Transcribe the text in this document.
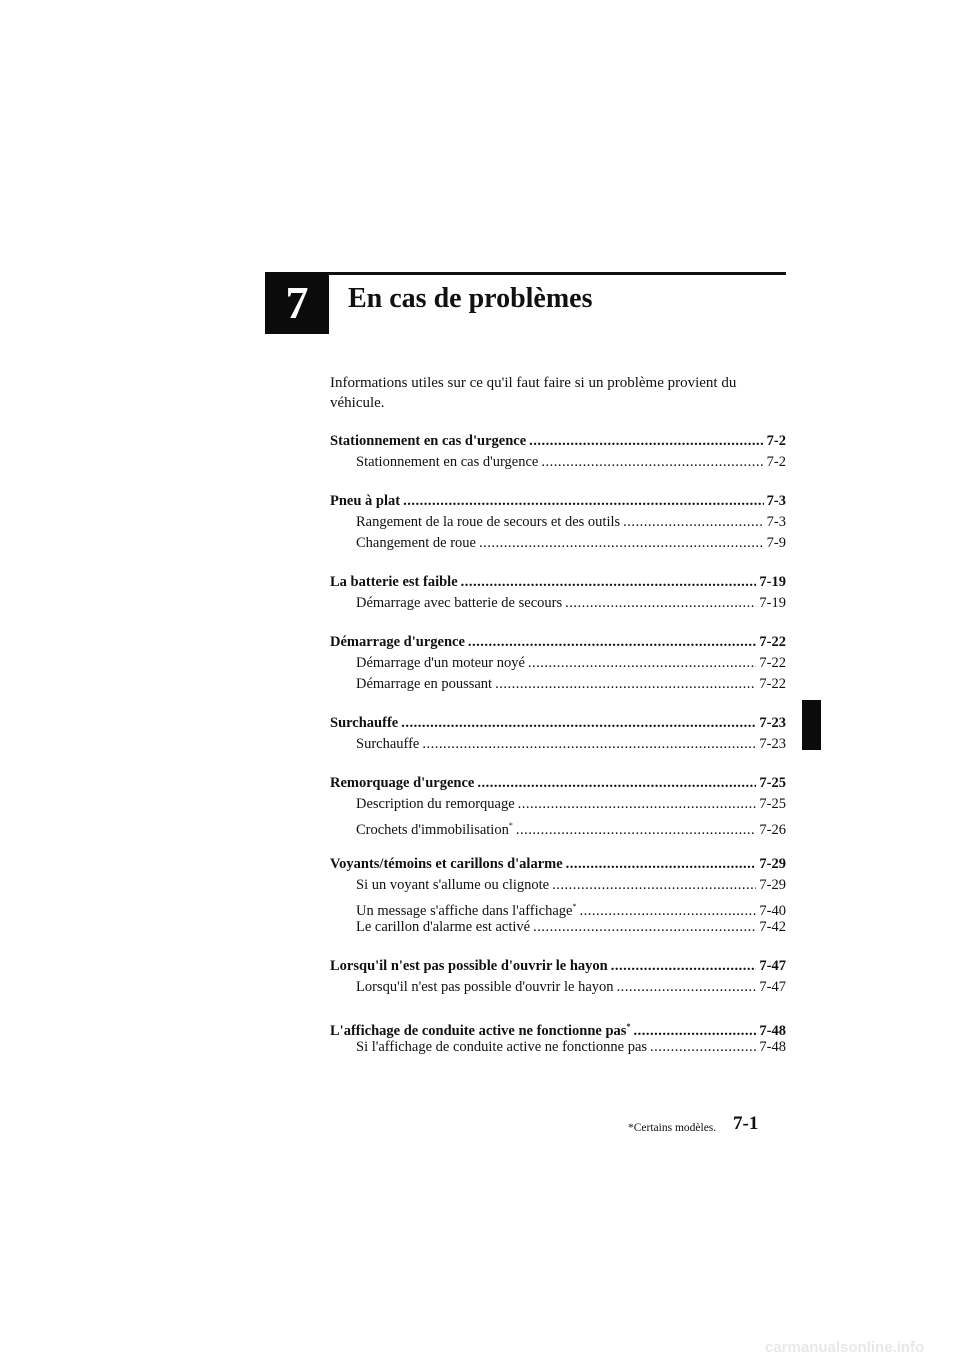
7	En cas de problèmes
Informations utiles sur ce qu'il faut faire si un problème provient du véhicule.
Stationnement en cas d'urgence .....	7-2
Stationnement en cas d'urgence .....	7-2
Pneu à plat .....	7-3
Rangement de la roue de secours et des outils .....	7-3
Changement de roue .....	7-9
La batterie est faible .....	7-19
Démarrage avec batterie de secours .....	7-19
Démarrage d'urgence .....	7-22
Démarrage d'un moteur noyé .....	7-22
Démarrage en poussant .....	7-22
Surchauffe .....	7-23
Surchauffe .....	7-23
Remorquage d'urgence .....	7-25
Description du remorquage .....	7-25
Crochets d'immobilisation* .....	7-26
Voyants/témoins et carillons d'alarme .....	7-29
Si un voyant s'allume ou clignote .....	7-29
Un message s'affiche dans l'affichage* .....	7-40
Le carillon d'alarme est activé .....	7-42
Lorsqu'il n'est pas possible d'ouvrir le hayon .....	7-47
Lorsqu'il n'est pas possible d'ouvrir le hayon .....	7-47
L'affichage de conduite active ne fonctionne pas* .....	7-48
Si l'affichage de conduite active ne fonctionne pas .....	7-48
*Certains modèles. 7-1
carmanualsonline.info
